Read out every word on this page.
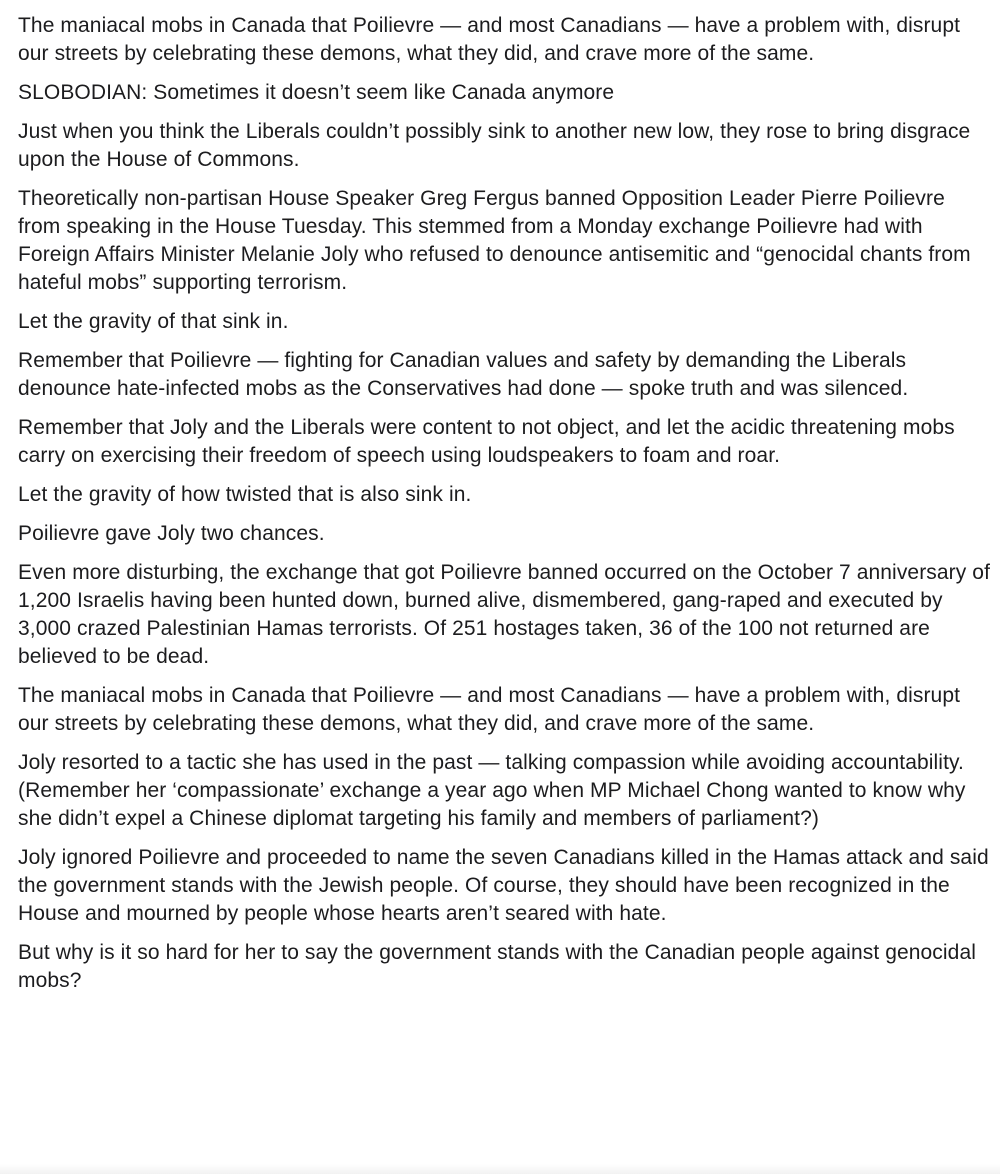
The maniacal mobs in Canada that Poilievre — and most Canadians — have a problem with, disrupt our streets by celebrating these demons, what they did, and crave more of the same.

SLOBODIAN: Sometimes it doesn’t seem like Canada anymore

Just when you think the Liberals couldn’t possibly sink to another new low, they rose to bring disgrace upon the House of Commons.

Theoretically non-partisan House Speaker Greg Fergus banned Opposition Leader Pierre Poilievre from speaking in the House Tuesday. This stemmed from a Monday exchange Poilievre had with Foreign Affairs Minister Melanie Joly who refused to denounce antisemitic and “genocidal chants from hateful mobs” supporting terrorism.

Let the gravity of that sink in.

Remember that Poilievre — fighting for Canadian values and safety by demanding the Liberals denounce hate-infected mobs as the Conservatives had done — spoke truth and was silenced.

Remember that Joly and the Liberals were content to not object, and let the acidic threatening mobs carry on exercising their freedom of speech using loudspeakers to foam and roar.

Let the gravity of how twisted that is also sink in.

Poilievre gave Joly two chances.

Even more disturbing, the exchange that got Poilievre banned occurred on the October 7 anniversary of 1,200 Israelis having been hunted down, burned alive, dismembered, gang-raped and executed by 3,000 crazed Palestinian Hamas terrorists. Of 251 hostages taken, 36 of the 100 not returned are believed to be dead.

The maniacal mobs in Canada that Poilievre — and most Canadians — have a problem with, disrupt our streets by celebrating these demons, what they did, and crave more of the same.

Joly resorted to a tactic she has used in the past — talking compassion while avoiding accountability. (Remember her ‘compassionate’ exchange a year ago when MP Michael Chong wanted to know why she didn’t expel a Chinese diplomat targeting his family and members of parliament?)

Joly ignored Poilievre and proceeded to name the seven Canadians killed in the Hamas attack and said the government stands with the Jewish people. Of course, they should have been recognized in the House and mourned by people whose hearts aren’t seared with hate.

But why is it so hard for her to say the government stands with the Canadian people against genocidal mobs?
